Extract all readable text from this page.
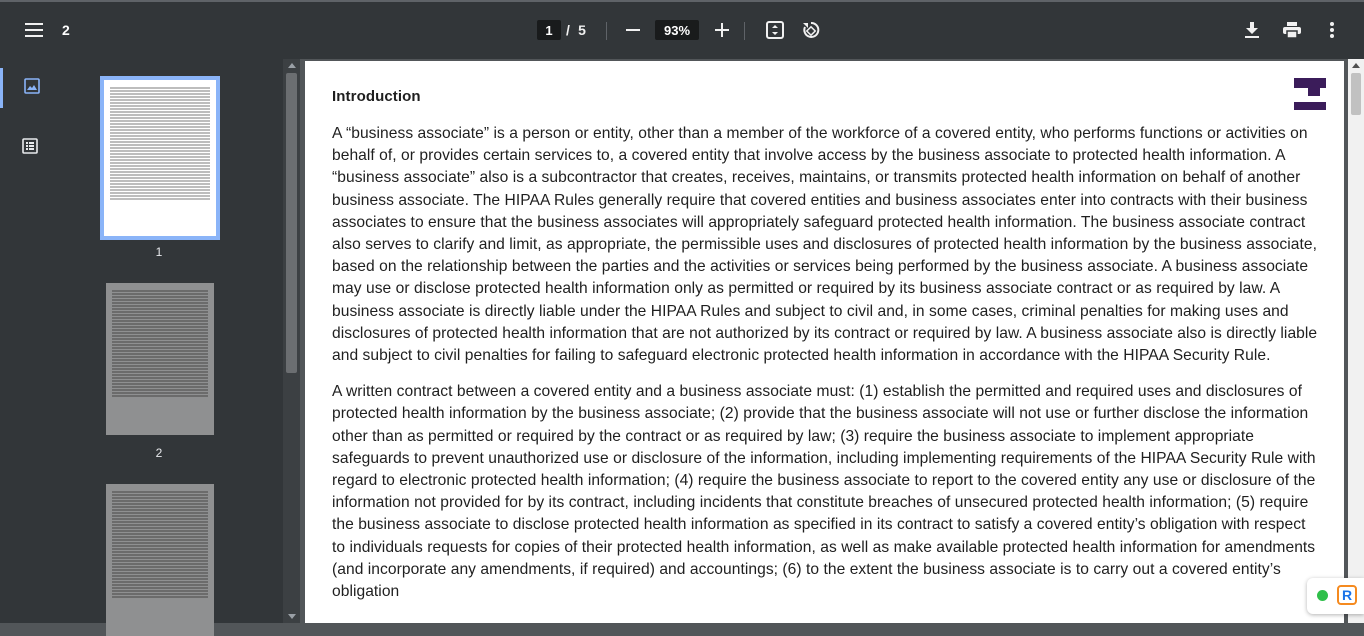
2	1 / 5	93%
1
2
Introduction

A “business associate” is a person or entity, other than a member of the workforce of a covered entity, who performs functions or activities on behalf of, or provides certain services to, a covered entity that involve access by the business associate to protected health information. A “business associate” also is a subcontractor that creates, receives, maintains, or transmits protected health information on behalf of another business associate. The HIPAA Rules generally require that covered entities and business associates enter into contracts with their business associates to ensure that the business associates will appropriately safeguard protected health information. The business associate contract also serves to clarify and limit, as appropriate, the permissible uses and disclosures of protected health information by the business associate, based on the relationship between the parties and the activities or services being performed by the business associate. A business associate may use or disclose protected health information only as permitted or required by its business associate contract or as required by law. A business associate is directly liable under the HIPAA Rules and subject to civil and, in some cases, criminal penalties for making uses and disclosures of protected health information that are not authorized by its contract or required by law. A business associate also is directly liable and subject to civil penalties for failing to safeguard electronic protected health information in accordance with the HIPAA Security Rule.

A written contract between a covered entity and a business associate must: (1) establish the permitted and required uses and disclosures of protected health information by the business associate; (2) provide that the business associate will not use or further disclose the information other than as permitted or required by the contract or as required by law; (3) require the business associate to implement appropriate safeguards to prevent unauthorized use or disclosure of the information, including implementing requirements of the HIPAA Security Rule with regard to electronic protected health information; (4) require the business associate to report to the covered entity any use or disclosure of the information not provided for by its contract, including incidents that constitute breaches of unsecured protected health information; (5) require the business associate to disclose protected health information as specified in its contract to satisfy a covered entity’s obligation with respect to individuals requests for copies of their protected health information, as well as make available protected health information for amendments (and incorporate any amendments, if required) and accountings; (6) to the extent the business associate is to carry out a covered entity’s obligation	R
